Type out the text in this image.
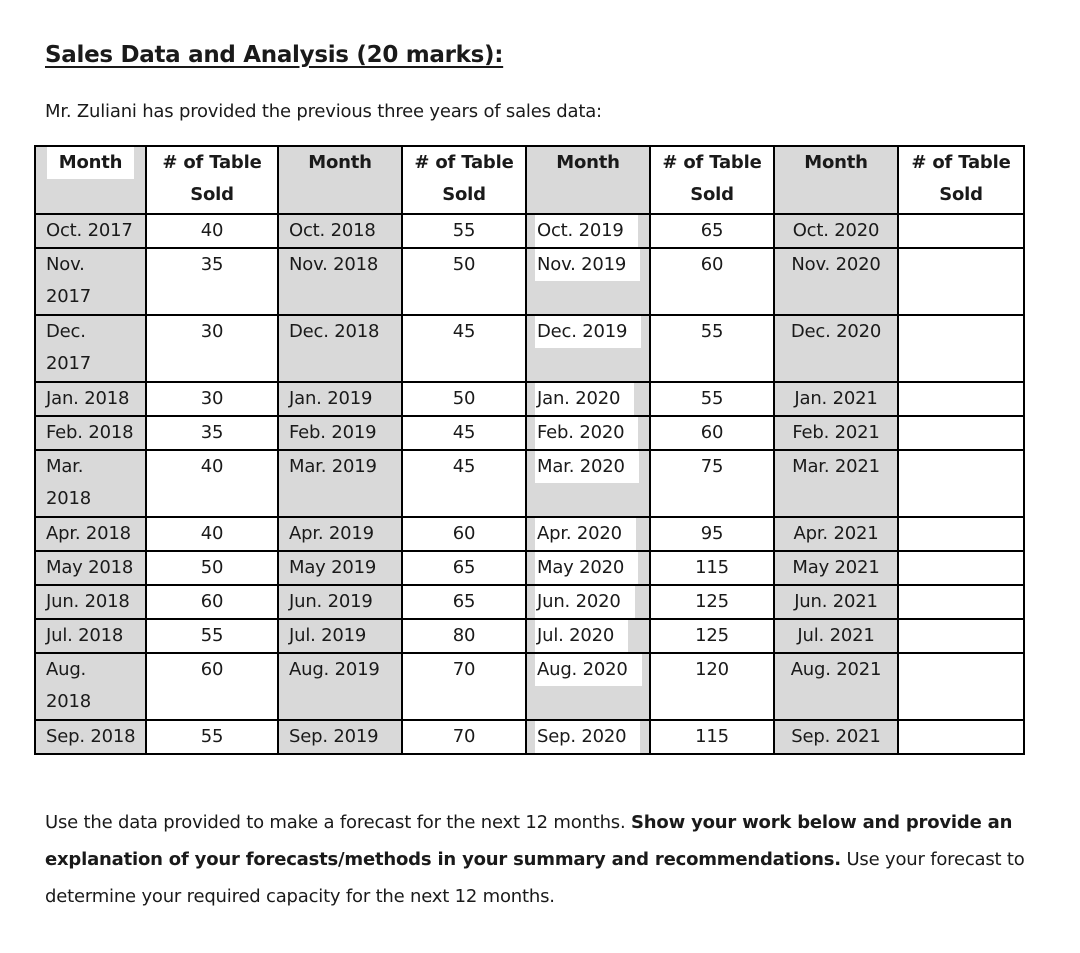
Sales Data and Analysis (20 marks):
Mr. Zuliani has provided the previous three years of sales data:
Month	# of Table Sold	Month	# of Table Sold	Month	# of Table Sold	Month	# of Table Sold
Oct. 2017	40	Oct. 2018	55	Oct. 2019	65	Oct. 2020	

Nov. 2017	35	Nov. 2018	50	Nov. 2019	60	Nov. 2020	

Dec. 2017	30	Dec. 2018	45	Dec. 2019	55	Dec. 2020	
Jan. 2018	30	Jan. 2019	50	Jan. 2020	55	Jan. 2021	
Feb. 2018	35	Feb. 2019	45	Feb. 2020	60	Feb. 2021	

Mar. 2018	40	Mar. 2019	45	Mar. 2020	75	Mar. 2021	
Apr. 2018	40	Apr. 2019	60	Apr. 2020	95	Apr. 2021	
May 2018	50	May 2019	65	May 2020	115	May 2021	
Jun. 2018	60	Jun. 2019	65	Jun. 2020	125	Jun. 2021	
Jul. 2018	55	Jul. 2019	80	Jul. 2020	125	Jul. 2021	

Aug. 2018	60	Aug. 2019	70	Aug. 2020	120	Aug. 2021	
Sep. 2018	55	Sep. 2019	70	Sep. 2020	115	Sep. 2021	
Use the data provided to make a forecast for the next 12 months. Show your work below and provide an explanation of your forecasts/methods in your summary and recommendations. Use your forecast to determine your required capacity for the next 12 months.
